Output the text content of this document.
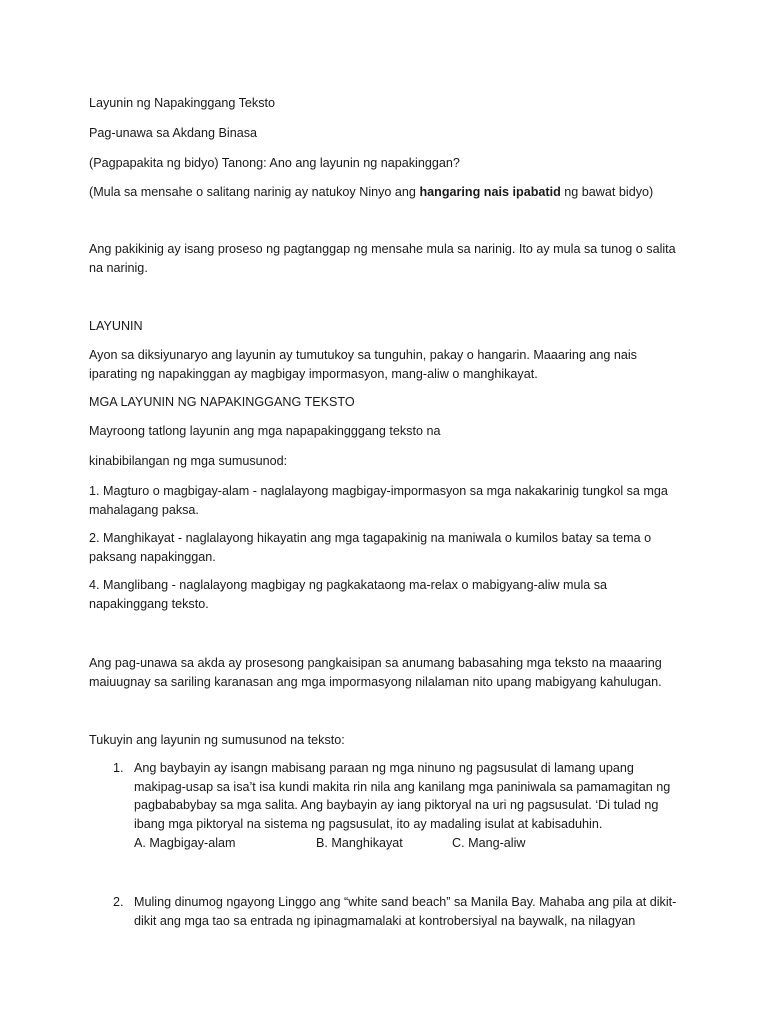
Layunin ng Napakinggang Teksto

Pag-unawa sa Akdang Binasa

(Pagpapakita ng bidyo) Tanong: Ano ang layunin ng napakinggan?

(Mula sa mensahe o salitang narinig ay natukoy Ninyo ang hangaring nais ipabatid ng bawat bidyo)

Ang pakikinig ay isang proseso ng pagtanggap ng mensahe mula sa narinig. Ito ay mula sa tunog o salita na narinig.

LAYUNIN

Ayon sa diksiyunaryo ang layunin ay tumutukoy sa tunguhin, pakay o hangarin. Maaaring ang nais iparating ng napakinggan ay magbigay impormasyon, mang-aliw o manghikayat.

MGA LAYUNIN NG NAPAKINGGANG TEKSTO

Mayroong tatlong layunin ang mga napapakingggang teksto na

kinabibilangan ng mga sumusunod:

1. Magturo o magbigay-alam - naglalayong magbigay-impormasyon sa mga nakakarinig tungkol sa mga mahalagang paksa.

2. Manghikayat - naglalayong hikayatin ang mga tagapakinig na maniwala o kumilos batay sa tema o paksang napakinggan.

4. Manglibang - naglalayong magbigay ng pagkakataong ma-relax o mabigyang-aliw mula sa napakinggang teksto.

Ang pag-unawa sa akda ay prosesong pangkaisipan sa anumang babasahing mga teksto na maaaring maiuugnay sa sariling karanasan ang mga impormasyong nilalaman nito upang mabigyang kahulugan.

Tukuyin ang layunin ng sumusunod na teksto:

1. Ang baybayin ay isangn mabisang paraan ng mga ninuno ng pagsusulat di lamang upang makipag-usap sa isa’t isa kundi makita rin nila ang kanilang mga paniniwala sa pamamagitan ng pagbababybay sa mga salita. Ang baybayin ay iang piktoryal na uri ng pagsusulat. ‘Di tulad ng ibang mga piktoryal na sistema ng pagsusulat, ito ay madaling isulat at kabisaduhin.

A. Magbigay-alam	B. Manghikayat	C. Mang-aliw
2. Muling dinumog ngayong Linggo ang “white sand beach” sa Manila Bay. Mahaba ang pila at dikit-dikit ang mga tao sa entrada ng ipinagmamalaki at kontrobersiyal na baywalk, na nilagyan
